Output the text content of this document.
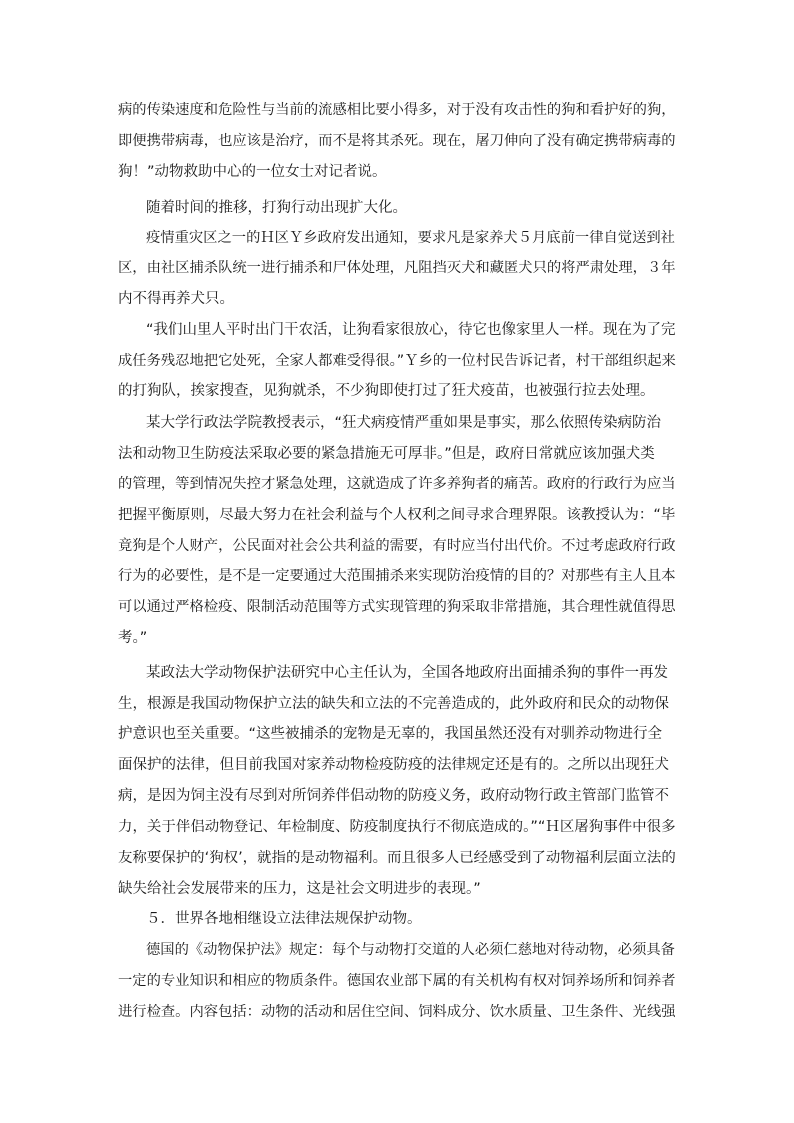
病的传染速度和危险性与当前的流感相比要小得多，对于没有攻击性的狗和看护好的狗，
即便携带病毒，也应该是治疗，而不是将其杀死。现在，屠刀伸向了没有确定携带病毒的
狗！”动物救助中心的一位女士对记者说。
随着时间的推移，打狗行动出现扩大化。
疫情重灾区之一的Ｈ区Ｙ乡政府发出通知，要求凡是家养犬５月底前一律自觉送到社
区，由社区捕杀队统一进行捕杀和尸体处理，凡阻挡灭犬和藏匿犬只的将严肃处理，３年
内不得再养犬只。
“我们山里人平时出门干农活，让狗看家很放心，待它也像家里人一样。现在为了完
成任务残忍地把它处死，全家人都难受得很。”Ｙ乡的一位村民告诉记者，村干部组织起来
的打狗队，挨家搜查，见狗就杀，不少狗即使打过了狂犬疫苗，也被强行拉去处理。
某大学行政法学院教授表示，“狂犬病疫情严重如果是事实，那么依照传染病防治
法和动物卫生防疫法采取必要的紧急措施无可厚非。”但是，政府日常就应该加强犬类
的管理，等到情况失控才紧急处理，这就造成了许多养狗者的痛苦。政府的行政行为应当
把握平衡原则，尽最大努力在社会利益与个人权利之间寻求合理界限。该教授认为：“毕
竟狗是个人财产，公民面对社会公共利益的需要，有时应当付出代价。不过考虑政府行政
行为的必要性，是不是一定要通过大范围捕杀来实现防治疫情的目的？对那些有主人且本
可以通过严格检疫、限制活动范围等方式实现管理的狗采取非常措施，其合理性就值得思
考。”
某政法大学动物保护法研究中心主任认为，全国各地政府出面捕杀狗的事件一再发
生，根源是我国动物保护立法的缺失和立法的不完善造成的，此外政府和民众的动物保
护意识也至关重要。“这些被捕杀的宠物是无辜的，我国虽然还没有对驯养动物进行全
面保护的法律，但目前我国对家养动物检疫防疫的法律规定还是有的。之所以出现狂犬
病，是因为饲主没有尽到对所饲养伴侣动物的防疫义务，政府动物行政主管部门监管不
力，关于伴侣动物登记、年检制度、防疫制度执行不彻底造成的。”“Ｈ区屠狗事件中很多
友称要保护的‘狗权’，就指的是动物福利。而且很多人已经感受到了动物福利层面立法的
缺失给社会发展带来的压力，这是社会文明进步的表现。”
５．世界各地相继设立法律法规保护动物。
德国的《动物保护法》规定：每个与动物打交道的人必须仁慈地对待动物，必须具备
一定的专业知识和相应的物质条件。德国农业部下属的有关机构有权对饲养场所和饲养者
进行检查。内容包括：动物的活动和居住空间、饲料成分、饮水质量、卫生条件、光线强
